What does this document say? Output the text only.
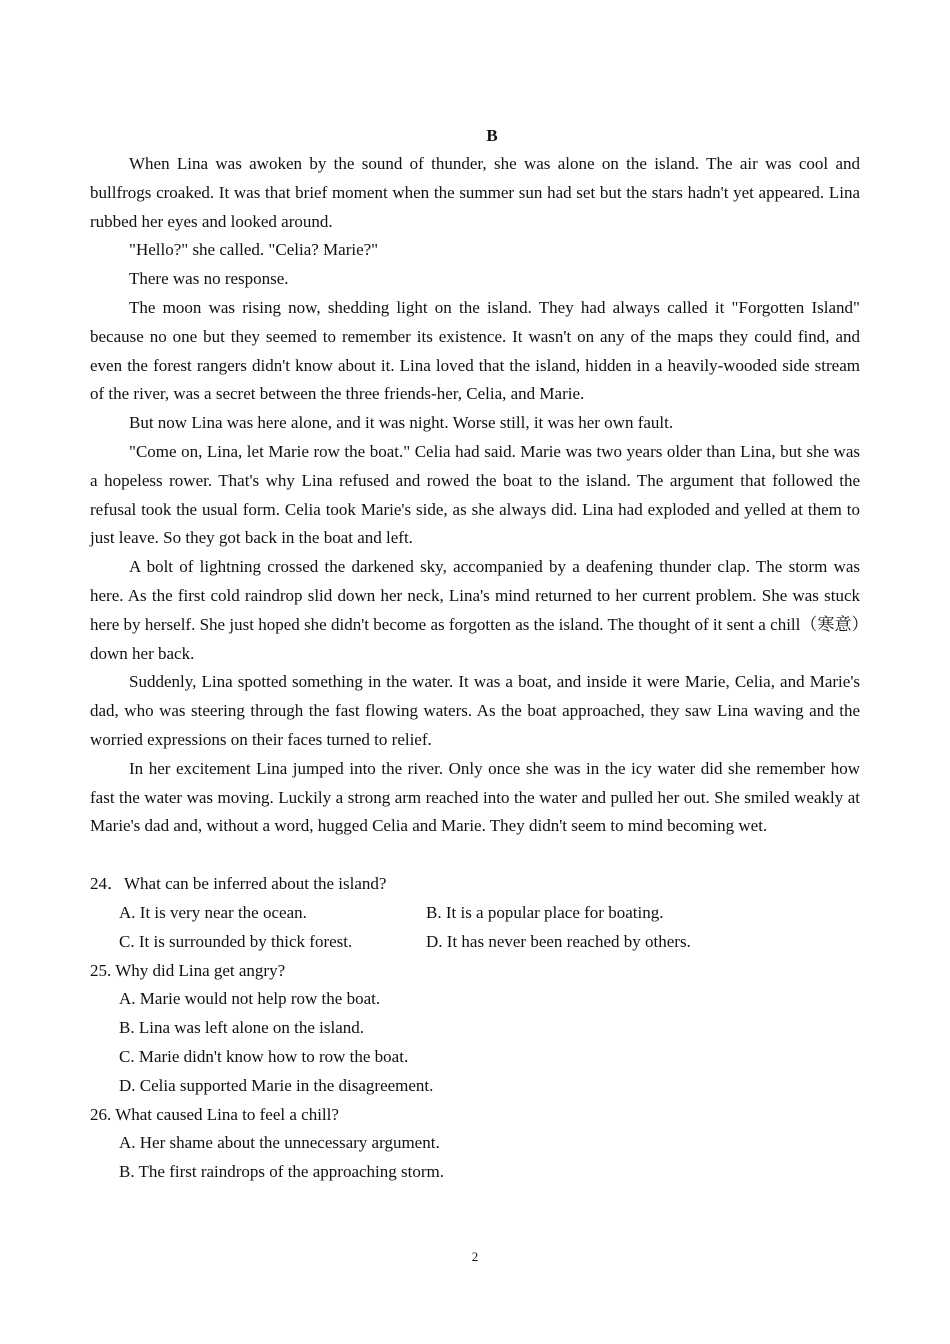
B

When Lina was awoken by the sound of thunder, she was alone on the island. The air was cool and bullfrogs croaked. It was that brief moment when the summer sun had set but the stars hadn't yet appeared. Lina rubbed her eyes and looked around.

"Hello?" she called. "Celia? Marie?"

There was no response.

The moon was rising now, shedding light on the island. They had always called it "Forgotten Island" because no one but they seemed to remember its existence. It wasn't on any of the maps they could find, and even the forest rangers didn't know about it. Lina loved that the island, hidden in a heavily-wooded side stream of the river, was a secret between the three friends-her, Celia, and Marie.

But now Lina was here alone, and it was night. Worse still, it was her own fault.

"Come on, Lina, let Marie row the boat." Celia had said. Marie was two years older than Lina, but she was a hopeless rower. That's why Lina refused and rowed the boat to the island. The argument that followed the refusal took the usual form. Celia took Marie's side, as she always did. Lina had exploded and yelled at them to just leave. So they got back in the boat and left.

A bolt of lightning crossed the darkened sky, accompanied by a deafening thunder clap. The storm was here. As the first cold raindrop slid down her neck, Lina's mind returned to her current problem. She was stuck here by herself. She just hoped she didn't become as forgotten as the island. The thought of it sent a chill（寒意）down her back.

Suddenly, Lina spotted something in the water. It was a boat, and inside it were Marie, Celia, and Marie's dad, who was steering through the fast flowing waters. As the boat approached, they saw Lina waving and the worried expressions on their faces turned to relief.

In her excitement Lina jumped into the river. Only once she was in the icy water did she remember how fast the water was moving. Luckily a strong arm reached into the water and pulled her out. She smiled weakly at Marie's dad and, without a word, hugged Celia and Marie. They didn't seem to mind becoming wet.

24．What can be inferred about the island?

A. It is very near the ocean.	B. It is a popular place for boating.
C. It is surrounded by thick forest.	D. It has never been reached by others.

25. Why did Lina get angry?

A. Marie would not help row the boat.

B. Lina was left alone on the island.

C. Marie didn't know how to row the boat.

D. Celia supported Marie in the disagreement.

26. What caused Lina to feel a chill?

A. Her shame about the unnecessary argument.

B. The first raindrops of the approaching storm.

2
